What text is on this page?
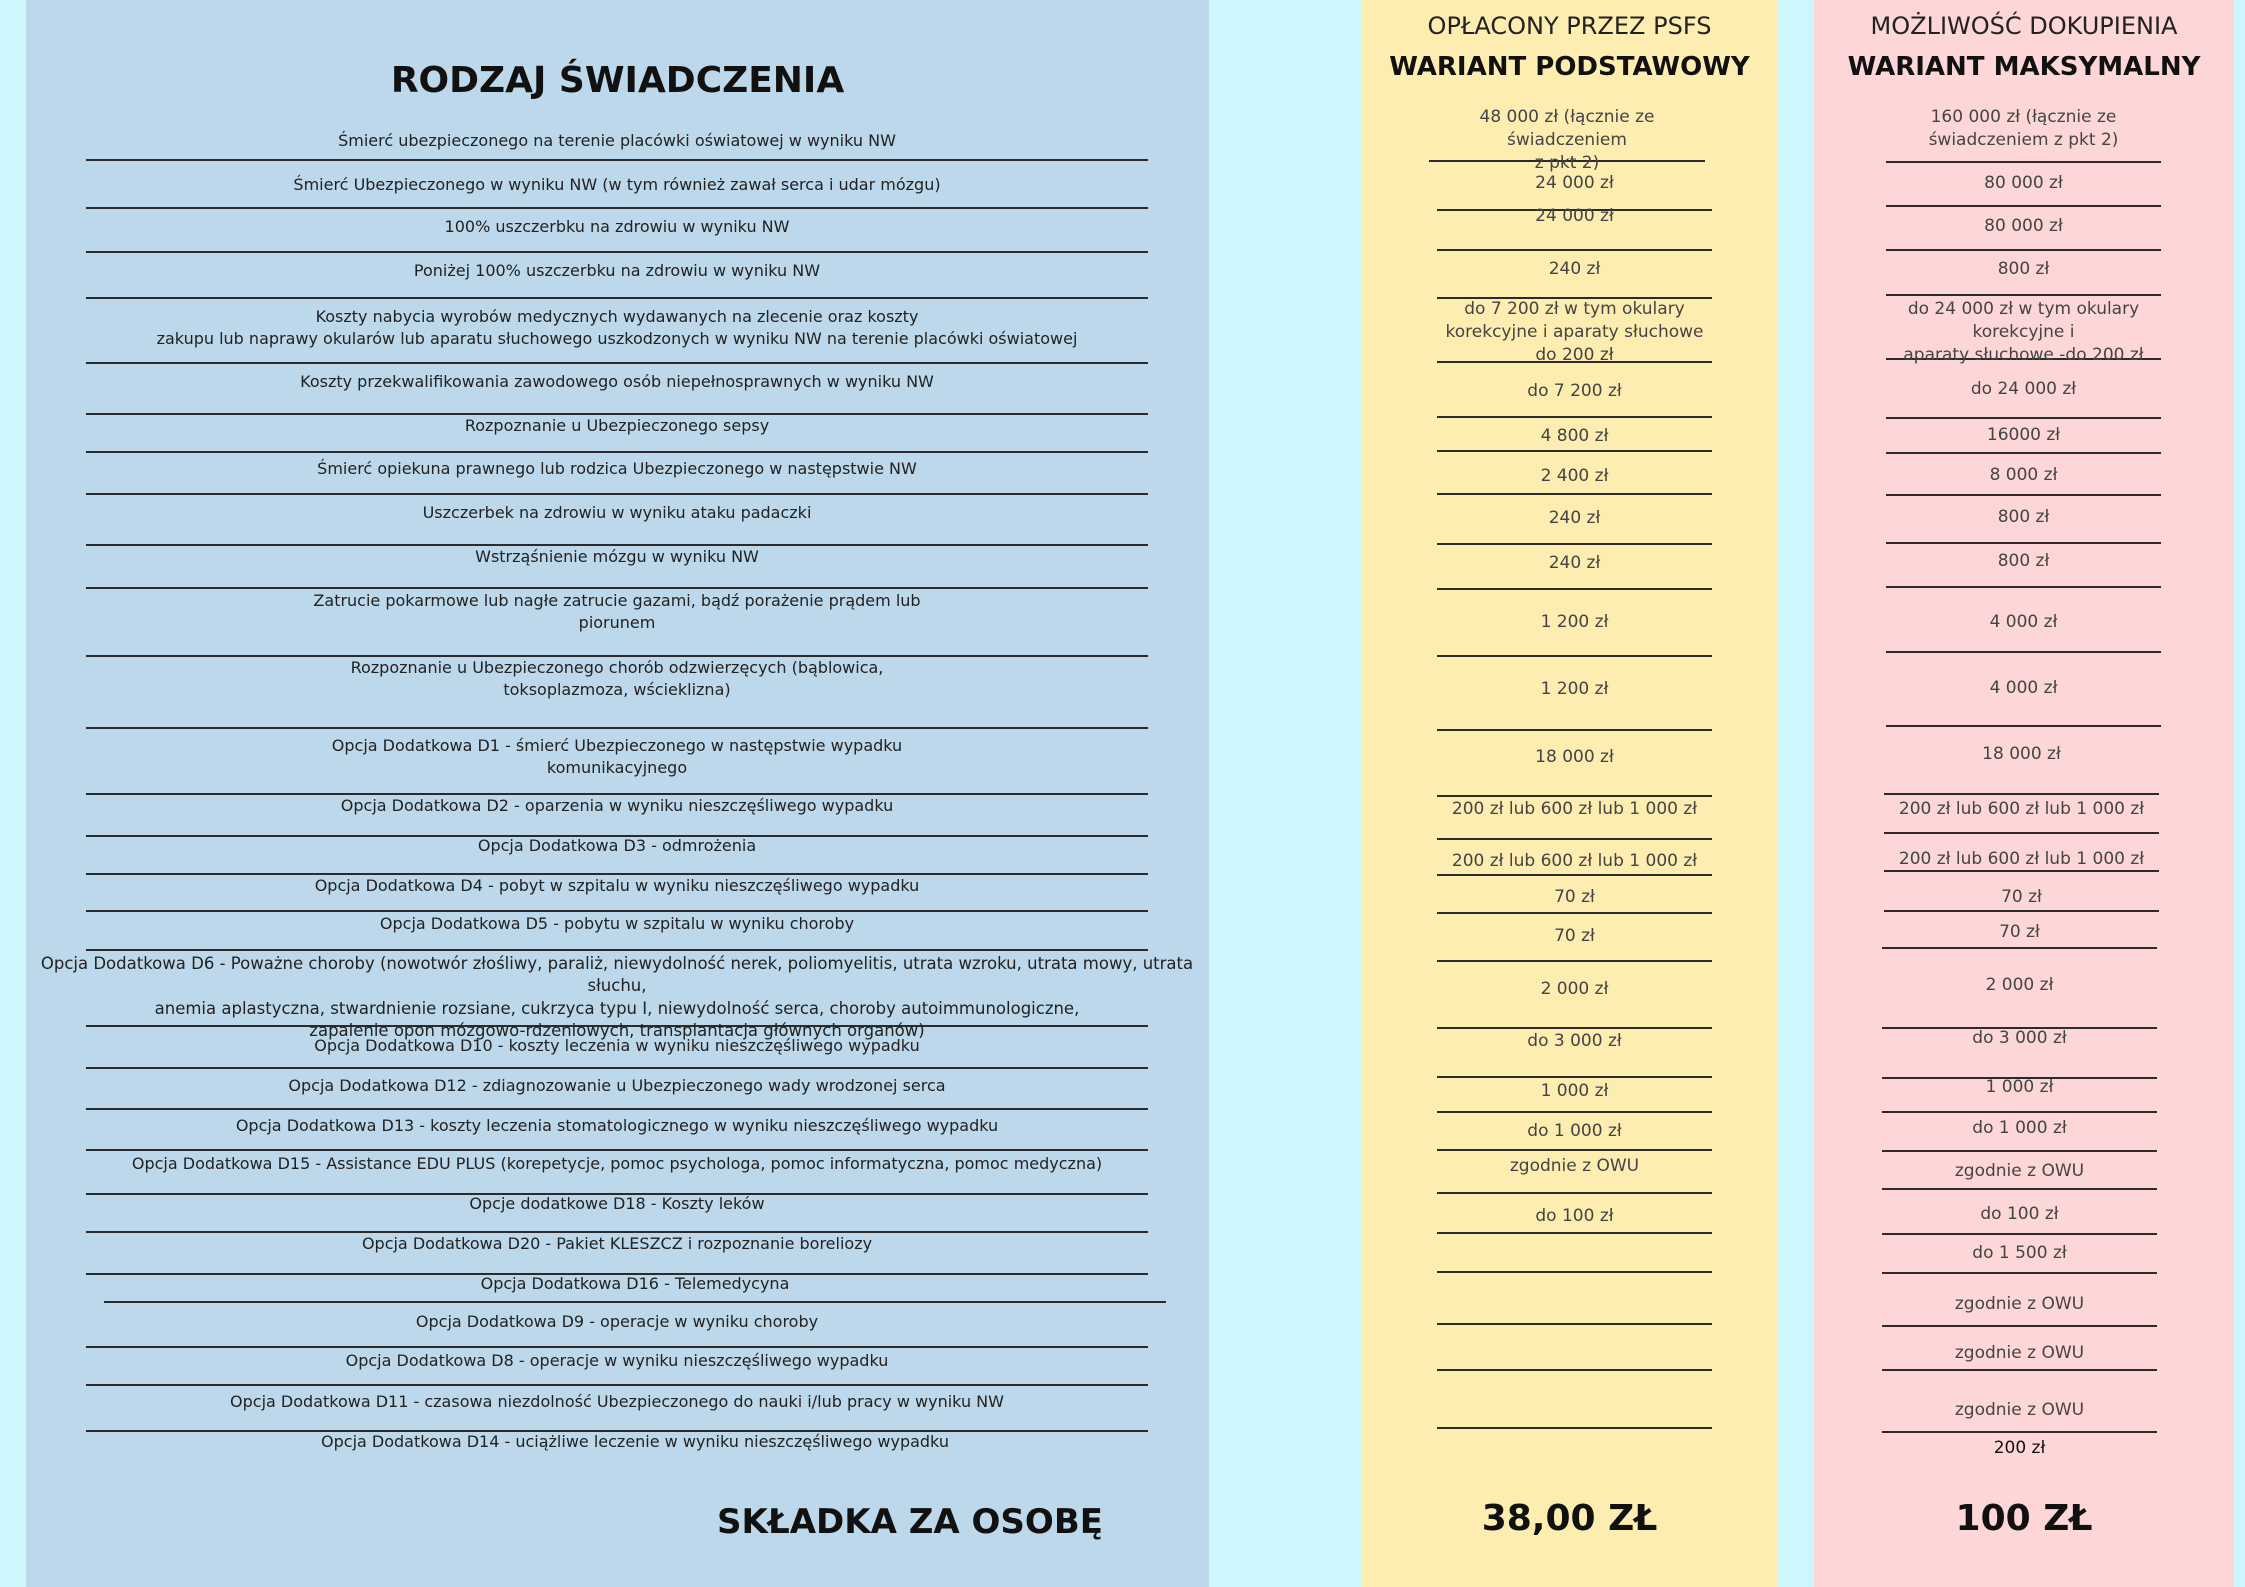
RODZAJ ŚWIADCZENIA
OPŁACONY PRZEZ PSFS
WARIANT PODSTAWOWY
MOŻLIWOŚĆ DOKUPIENIA
WARIANT MAKSYMALNY
Śmierć ubezpieczonego na terenie placówki oświatowej w wyniku NW
Śmierć Ubezpieczonego w wyniku NW (w tym również zawał serca i udar mózgu)
100% uszczerbku na zdrowiu w wyniku NW
Poniżej 100% uszczerbku na zdrowiu w wyniku NW
Koszty nabycia wyrobów medycznych wydawanych na zlecenie oraz koszty
zakupu lub naprawy okularów lub aparatu słuchowego uszkodzonych w wyniku NW na terenie placówki oświatowej
Koszty przekwalifikowania zawodowego osób niepełnosprawnych w wyniku NW
Rozpoznanie u Ubezpieczonego sepsy
Śmierć opiekuna prawnego lub rodzica Ubezpieczonego w następstwie NW
Uszczerbek na zdrowiu w wyniku ataku padaczki
Wstrząśnienie mózgu w wyniku NW
Zatrucie pokarmowe lub nagłe zatrucie gazami, bądź porażenie prądem lub
piorunem
Rozpoznanie u Ubezpieczonego chorób odzwierzęcych (bąblowica,
toksoplazmoza, wścieklizna)
Opcja Dodatkowa D1 - śmierć Ubezpieczonego w następstwie wypadku
komunikacyjnego
Opcja Dodatkowa D2 - oparzenia w wyniku nieszczęśliwego wypadku
Opcja Dodatkowa D3 - odmrożenia
Opcja Dodatkowa D4 - pobyt w szpitalu w wyniku nieszczęśliwego wypadku
Opcja Dodatkowa D5 - pobytu w szpitalu w wyniku choroby
Opcja Dodatkowa D6 - Poważne choroby (nowotwór złośliwy, paraliż, niewydolność nerek, poliomyelitis, utrata wzroku, utrata mowy, utrata słuchu,
anemia aplastyczna, stwardnienie rozsiane, cukrzyca typu I, niewydolność serca, choroby autoimmunologiczne,
zapalenie opon mózgowo-rdzeniowych, transplantacja głównych organów)
Opcja Dodatkowa D10 - koszty leczenia w wyniku nieszczęśliwego wypadku
Opcja Dodatkowa D12 - zdiagnozowanie u Ubezpieczonego wady wrodzonej serca
Opcja Dodatkowa D13 - koszty leczenia stomatologicznego w wyniku nieszczęśliwego wypadku
Opcja Dodatkowa D15 - Assistance EDU PLUS (korepetycje, pomoc psychologa, pomoc informatyczna, pomoc medyczna)
Opcje dodatkowe D18 - Koszty leków
Opcja Dodatkowa D20 - Pakiet KLESZCZ i rozpoznanie boreliozy
Opcja Dodatkowa D16 - Telemedycyna
Opcja Dodatkowa D9 - operacje w wyniku choroby
Opcja Dodatkowa D8 - operacje w wyniku nieszczęśliwego wypadku
Opcja Dodatkowa D11 - czasowa niezdolność Ubezpieczonego do nauki i/lub pracy w wyniku NW
Opcja Dodatkowa D14 - uciążliwe leczenie w wyniku nieszczęśliwego wypadku
48 000 zł (łącznie ze świadczeniem
z pkt 2)
24 000 zł
24 000 zł
240 zł
do 7 200 zł w tym okulary
korekcyjne i aparaty słuchowe do 200 zł
do 7 200 zł
4 800 zł
2 400 zł
240 zł
240 zł
1 200 zł
1 200 zł
18 000 zł
200 zł lub 600 zł lub 1 000 zł
200 zł lub 600 zł lub 1 000 zł
70 zł
70 zł
2 000 zł
do 3 000 zł
1 000 zł
do 1 000 zł
zgodnie z OWU
do 100 zł
160 000 zł (łącznie ze
świadczeniem z pkt 2)
80 000 zł
80 000 zł
800 zł
do 24 000 zł w tym okulary korekcyjne i
aparaty słuchowe -do 200 zł
do 24 000 zł
16000 zł
8 000 zł
800 zł
800 zł
4 000 zł
4 000 zł
18 000 zł
200 zł lub 600 zł lub 1 000 zł
200 zł lub 600 zł lub 1 000 zł
70 zł
70 zł
2 000 zł
do 3 000 zł
1 000 zł
do 1 000 zł
zgodnie z OWU
do 100 zł
do 1 500 zł
zgodnie z OWU
zgodnie z OWU
zgodnie z OWU
200 zł
SKŁADKA ZA OSOBĘ	38,00 ZŁ	100 ZŁ
